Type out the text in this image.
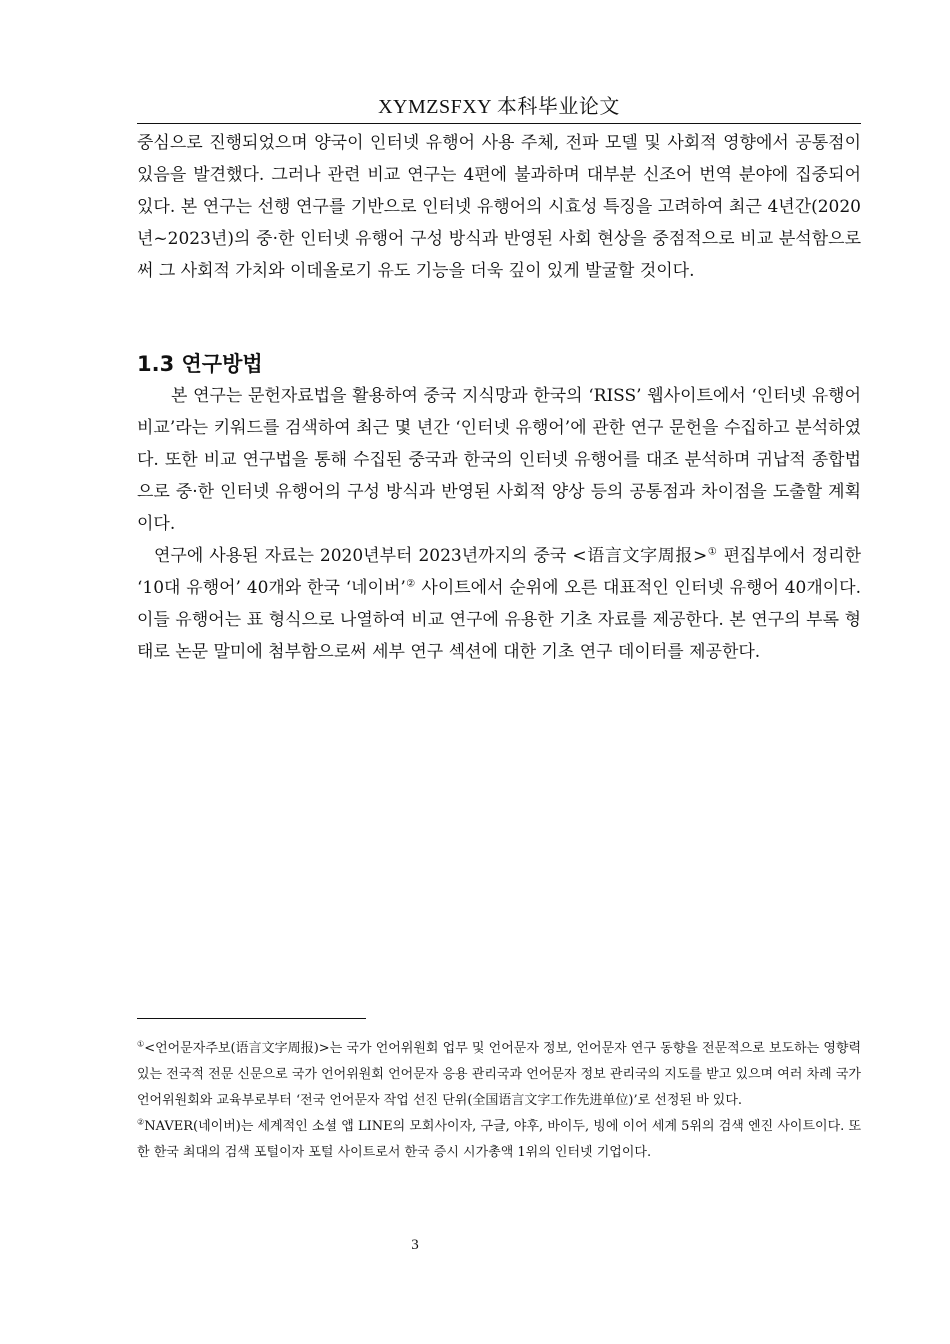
XYMZSFXY 本科毕业论文

중심으로 진행되었으며 양국이 인터넷 유행어 사용 주체, 전파 모델 및 사회적 영향에서 공통점이 있음을 발견했다. 그러나 관련 비교 연구는 4편에 불과하며 대부분 신조어 번역 분야에 집중되어 있다. 본 연구는 선행 연구를 기반으로 인터넷 유행어의 시효성 특징을 고려하여 최근 4년간(2020년~2023년)의 중·한 인터넷 유행어 구성 방식과 반영된 사회 현상을 중점적으로 비교 분석함으로써 그 사회적 가치와 이데올로기 유도 기능을 더욱 깊이 있게 발굴할 것이다.

1.3 연구방법

본 연구는 문헌자료법을 활용하여 중국 지식망과 한국의 ‘RISS’ 웹사이트에서 ‘인터넷 유행어 비교’라는 키워드를 검색하여 최근 몇 년간 ‘인터넷 유행어’에 관한 연구 문헌을 수집하고 분석하였다. 또한 비교 연구법을 통해 수집된 중국과 한국의 인터넷 유행어를 대조 분석하며 귀납적 종합법으로 중·한 인터넷 유행어의 구성 방식과 반영된 사회적 양상 등의 공통점과 차이점을 도출할 계획이다.

연구에 사용된 자료는 2020년부터 2023년까지의 중국 <语言文字周报>① 편집부에서 정리한 ‘10대 유행어’ 40개와 한국 ‘네이버’② 사이트에서 순위에 오른 대표적인 인터넷 유행어 40개이다. 이들 유행어는 표 형식으로 나열하여 비교 연구에 유용한 기초 자료를 제공한다. 본 연구의 부록 형태로 논문 말미에 첨부함으로써 세부 연구 섹션에 대한 기초 연구 데이터를 제공한다.

①<언어문자주보(语言文字周报)>는 국가 언어위원회 업무 및 언어문자 정보, 언어문자 연구 동향을 전문적으로 보도하는 영향력 있는 전국적 전문 신문으로 국가 언어위원회 언어문자 응용 관리국과 언어문자 정보 관리국의 지도를 받고 있으며 여러 차례 국가 언어위원회와 교육부로부터 ‘전국 언어문자 작업 선진 단위(全国语言文字工作先进单位)’로 선정된 바 있다.

②NAVER(네이버)는 세계적인 소셜 앱 LINE의 모회사이자, 구글, 야후, 바이두, 빙에 이어 세계 5위의 검색 엔진 사이트이다. 또한 한국 최대의 검색 포털이자 포털 사이트로서 한국 증시 시가총액 1위의 인터넷 기업이다.

3
